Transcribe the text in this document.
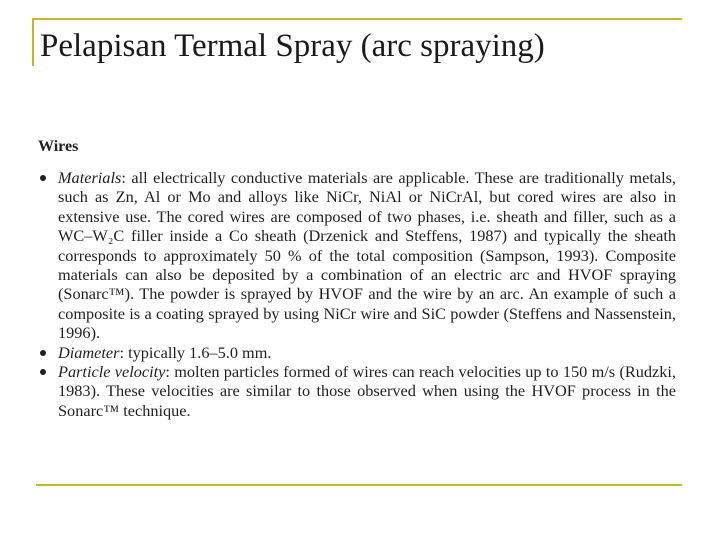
Pelapisan Termal Spray (arc spraying)
Wires
Materials: all electrically conductive materials are applicable. These are traditionally metals, such as Zn, Al or Mo and alloys like NiCr, NiAl or NiCrAl, but cored wires are also in extensive use. The cored wires are composed of two phases, i.e. sheath and filler, such as a WC–W₂C filler inside a Co sheath (Drzenick and Steffens, 1987) and typically the sheath corresponds to approximately 50 % of the total composition (Sampson, 1993). Composite materials can also be deposited by a combination of an electric arc and HVOF spraying (Sonarc™). The powder is sprayed by HVOF and the wire by an arc. An example of such a composite is a coating sprayed by using NiCr wire and SiC powder (Steffens and Nassenstein, 1996).
Diameter: typically 1.6–5.0 mm.
Particle velocity: molten particles formed of wires can reach velocities up to 150 m/s (Rudzki, 1983). These velocities are similar to those observed when using the HVOF process in the Sonarc™ technique.
